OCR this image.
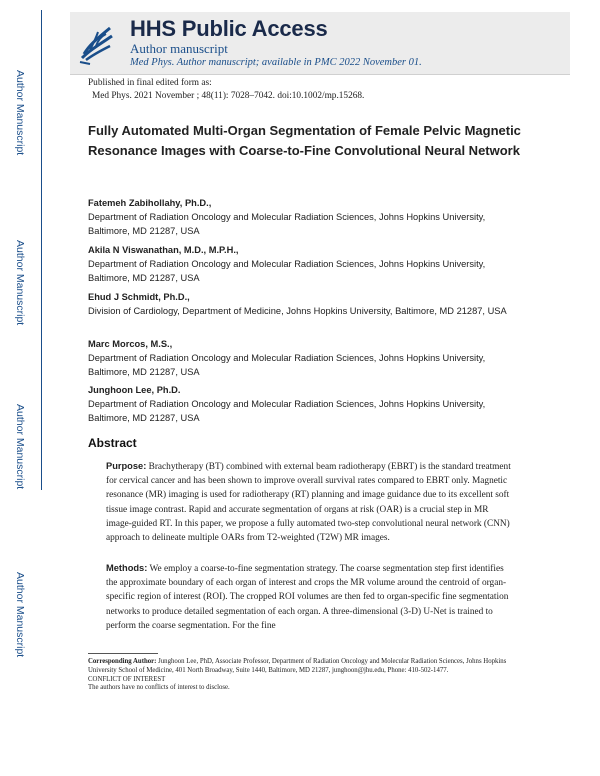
Author Manuscript
Author Manuscript
Author Manuscript
Author Manuscript
HHS Public Access
Author manuscript
Med Phys. Author manuscript; available in PMC 2022 November 01.
Published in final edited form as:
Med Phys. 2021 November ; 48(11): 7028–7042. doi:10.1002/mp.15268.
Fully Automated Multi-Organ Segmentation of Female Pelvic Magnetic Resonance Images with Coarse-to-Fine Convolutional Neural Network
Fatemeh Zabihollahy, Ph.D.,
Department of Radiation Oncology and Molecular Radiation Sciences, Johns Hopkins University, Baltimore, MD 21287, USA
Akila N Viswanathan, M.D., M.P.H.,
Department of Radiation Oncology and Molecular Radiation Sciences, Johns Hopkins University, Baltimore, MD 21287, USA
Ehud J Schmidt, Ph.D.,
Division of Cardiology, Department of Medicine, Johns Hopkins University, Baltimore, MD 21287, USA
Marc Morcos, M.S.,
Department of Radiation Oncology and Molecular Radiation Sciences, Johns Hopkins University, Baltimore, MD 21287, USA
Junghoon Lee, Ph.D.
Department of Radiation Oncology and Molecular Radiation Sciences, Johns Hopkins University, Baltimore, MD 21287, USA
Abstract
Purpose: Brachytherapy (BT) combined with external beam radiotherapy (EBRT) is the standard treatment for cervical cancer and has been shown to improve overall survival rates compared to EBRT only. Magnetic resonance (MR) imaging is used for radiotherapy (RT) planning and image guidance due to its excellent soft tissue image contrast. Rapid and accurate segmentation of organs at risk (OAR) is a crucial step in MR image-guided RT. In this paper, we propose a fully automated two-step convolutional neural network (CNN) approach to delineate multiple OARs from T2-weighted (T2W) MR images.
Methods: We employ a coarse-to-fine segmentation strategy. The coarse segmentation step first identifies the approximate boundary of each organ of interest and crops the MR volume around the centroid of organ-specific region of interest (ROI). The cropped ROI volumes are then fed to organ-specific fine segmentation networks to produce detailed segmentation of each organ. A three-dimensional (3-D) U-Net is trained to perform the coarse segmentation. For the fine
Corresponding Author: Junghoon Lee, PhD, Associate Professor, Department of Radiation Oncology and Molecular Radiation Sciences, Johns Hopkins University School of Medicine, 401 North Broadway, Suite 1440, Baltimore, MD 21287, junghoon@jhu.edu, Phone: 410-502-1477.
CONFLICT OF INTEREST
The authors have no conflicts of interest to disclose.
